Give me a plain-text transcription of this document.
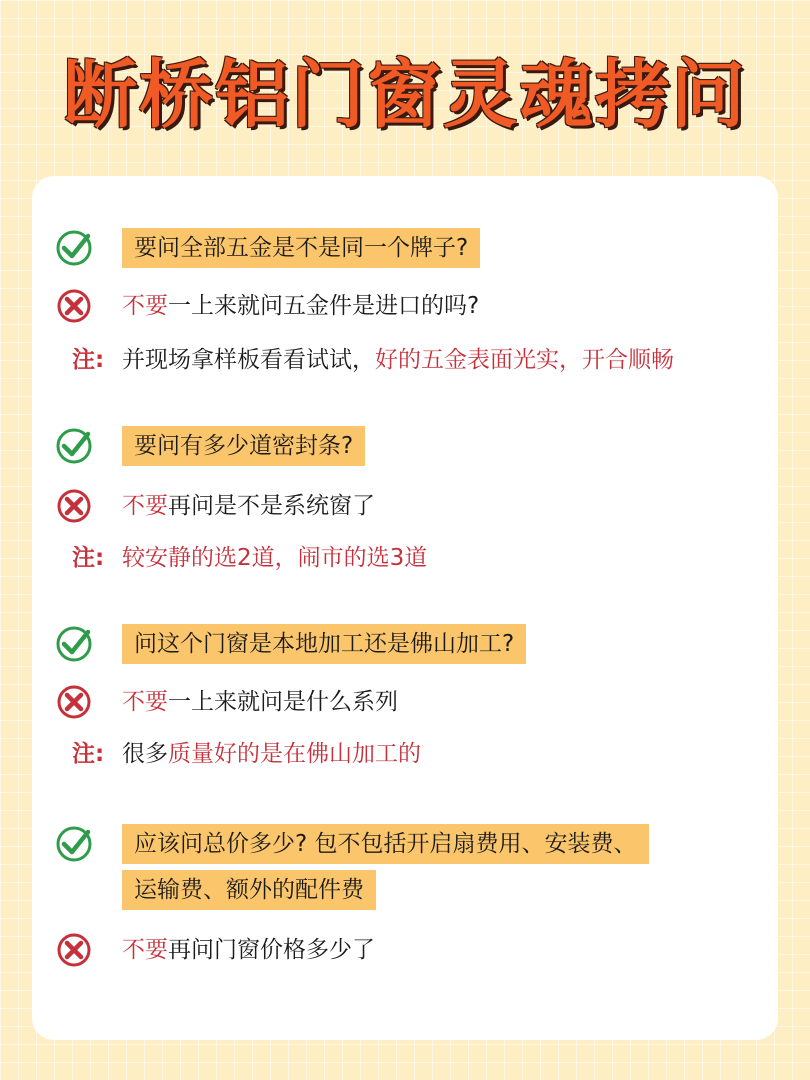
断桥铝门窗灵魂拷问
要问全部五金是不是同一个牌子?
不要一上来就问五金件是进口的吗?
注: 并现场拿样板看看试试，好的五金表面光实，开合顺畅
要问有多少道密封条?
不要再问是不是系统窗了
注: 较安静的选2道，闹市的选3道
问这个门窗是本地加工还是佛山加工?
不要一上来就问是什么系列
注: 很多质量好的是在佛山加工的
应该问总价多少? 包不包括开启扇费用、安装费、
运输费、额外的配件费
不要再问门窗价格多少了
